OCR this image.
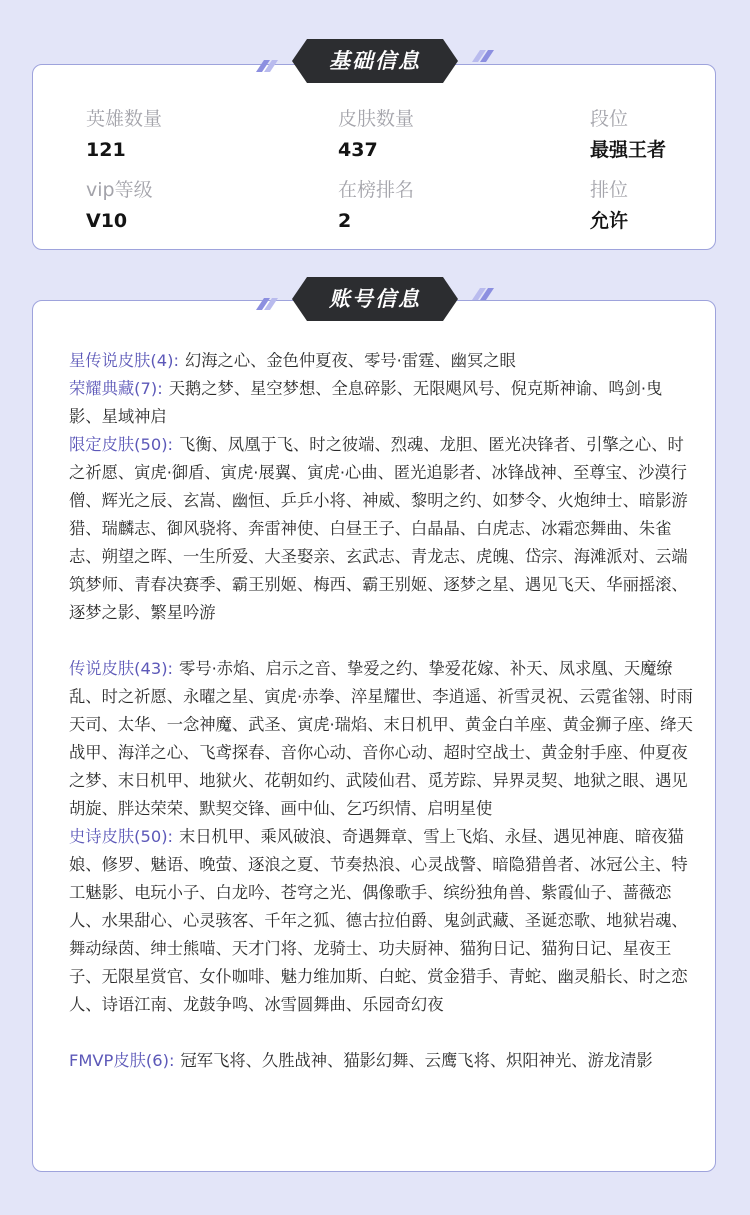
英雄数量
121
皮肤数量
437
段位
最强王者
vip等级
V10
在榜排名
2
排位
允许
基础信息
星传说皮肤(4): 幻海之心、金色仲夏夜、零号·雷霆、幽冥之眼
荣耀典藏(7): 天鹅之梦、星空梦想、全息碎影、无限飓风号、倪克斯神谕、鸣剑·曳影、星域神启
限定皮肤(50): 飞衡、凤凰于飞、时之彼端、烈魂、龙胆、匿光决锋者、引擎之心、时之祈愿、寅虎·御盾、寅虎·展翼、寅虎·心曲、匿光追影者、冰锋战神、至尊宝、沙漠行僧、辉光之辰、玄嵩、幽恒、乒乒小将、神威、黎明之约、如梦令、火炮绅士、暗影游猎、瑞麟志、御风骁将、奔雷神使、白昼王子、白晶晶、白虎志、冰霜恋舞曲、朱雀志、朔望之晖、一生所爱、大圣娶亲、玄武志、青龙志、虎魄、岱宗、海滩派对、云端筑梦师、青春决赛季、霸王别姬、梅西、霸王别姬、逐梦之星、遇见飞天、华丽摇滚、逐梦之影、繁星吟游
传说皮肤(43): 零号·赤焰、启示之音、挚爱之约、挚爱花嫁、补天、凤求凰、天魔缭乱、时之祈愿、永曜之星、寅虎·赤拳、淬星耀世、李逍遥、祈雪灵祝、云霓雀翎、时雨天司、太华、一念神魔、武圣、寅虎·瑞焰、末日机甲、黄金白羊座、黄金狮子座、绛天战甲、海洋之心、飞鸢探春、音你心动、音你心动、超时空战士、黄金射手座、仲夏夜之梦、末日机甲、地狱火、花朝如约、武陵仙君、觅芳踪、异界灵契、地狱之眼、遇见胡旋、胖达荣荣、默契交锋、画中仙、乞巧织情、启明星使
史诗皮肤(50): 末日机甲、乘风破浪、奇遇舞章、雪上飞焰、永昼、遇见神鹿、暗夜猫娘、修罗、魅语、晚萤、逐浪之夏、节奏热浪、心灵战警、暗隐猎兽者、冰冠公主、特工魅影、电玩小子、白龙吟、苍穹之光、偶像歌手、缤纷独角兽、紫霞仙子、蔷薇恋人、水果甜心、心灵骇客、千年之狐、德古拉伯爵、鬼剑武藏、圣诞恋歌、地狱岩魂、舞动绿茵、绅士熊喵、天才门将、龙骑士、功夫厨神、猫狗日记、猫狗日记、星夜王子、无限星赏官、女仆咖啡、魅力维加斯、白蛇、赏金猎手、青蛇、幽灵船长、时之恋人、诗语江南、龙鼓争鸣、冰雪圆舞曲、乐园奇幻夜
FMVP皮肤(6): 冠军飞将、久胜战神、猫影幻舞、云鹰飞将、炽阳神光、游龙清影
账号信息
